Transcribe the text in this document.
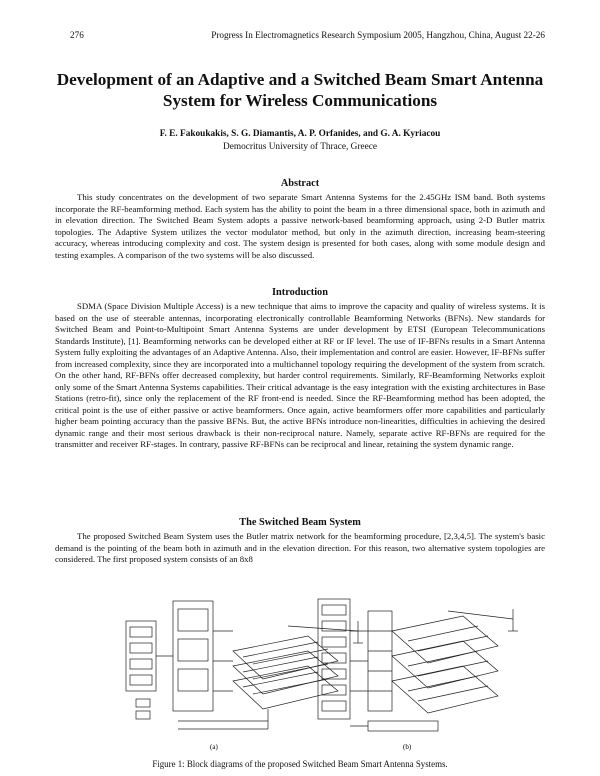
276	Progress In Electromagnetics Research Symposium 2005, Hangzhou, China, August 22-26
Development of an Adaptive and a Switched Beam Smart Antenna System for Wireless Communications
F. E. Fakoukakis, S. G. Diamantis, A. P. Orfanides, and G. A. Kyriacou
Democritus University of Thrace, Greece
Abstract

This study concentrates on the development of two separate Smart Antenna Systems for the 2.45GHz ISM band. Both systems incorporate the RF-beamforming method. Each system has the ability to point the beam in a three dimensional space, both in azimuth and in elevation direction. The Switched Beam System adopts a passive network-based beamforming approach, using 2-D Butler matrix topologies. The Adaptive System utilizes the vector modulator method, but only in the azimuth direction, increasing beam-steering accuracy, whereas introducing complexity and cost. The system design is presented for both cases, along with some module design and testing examples. A comparison of the two systems will be also discussed.

Introduction

SDMA (Space Division Multiple Access) is a new technique that aims to improve the capacity and quality of wireless systems. It is based on the use of steerable antennas, incorporating electronically controllable Beamforming Networks (BFNs). New standards for Switched Beam and Point-to-Multipoint Smart Antenna Systems are under development by ETSI (European Telecommunications Standards Institute), [1]. Beamforming networks can be developed either at RF or IF level. The use of IF-BFNs results in a Smart Antenna System fully exploiting the advantages of an Adaptive Antenna. Also, their implementation and control are easier. However, IF-BFNs suffer from increased complexity, since they are incorporated into a multichannel topology requiring the development of the system from scratch. On the other hand, RF-BFNs offer decreased complexity, but harder control requirements. Similarly, RF-Beamforming Networks exploit only some of the Smart Antenna Systems capabilities. Their critical advantage is the easy integration with the existing architectures in Base Stations (retro-fit), since only the replacement of the RF front-end is needed. Since the RF-Beamforming method has been adopted, the critical point is the use of either passive or active beamformers. Once again, active beamformers offer more capabilities and particularly higher beam pointing accuracy than the passive BFNs. But, the active BFNs introduce non-linearities, difficulties in achieving the desired dynamic range and their most serious drawback is their non-reciprocal nature. Namely, separate active RF-BFNs are required for the transmitter and receiver RF-stages. In contrary, passive RF-BFNs can be reciprocal and linear, retaining the system dynamic range.

The Switched Beam System

The proposed Switched Beam System uses the Butler matrix network for the beamforming procedure, [2,3,4,5]. The system's basic demand is the pointing of the beam both in azimuth and in the elevation direction. For this reason, two alternative system topologies are considered. The first proposed system consists of an 8x8

(a)	(b)
Figure 1: Block diagrams of the proposed Switched Beam Smart Antenna Systems.
